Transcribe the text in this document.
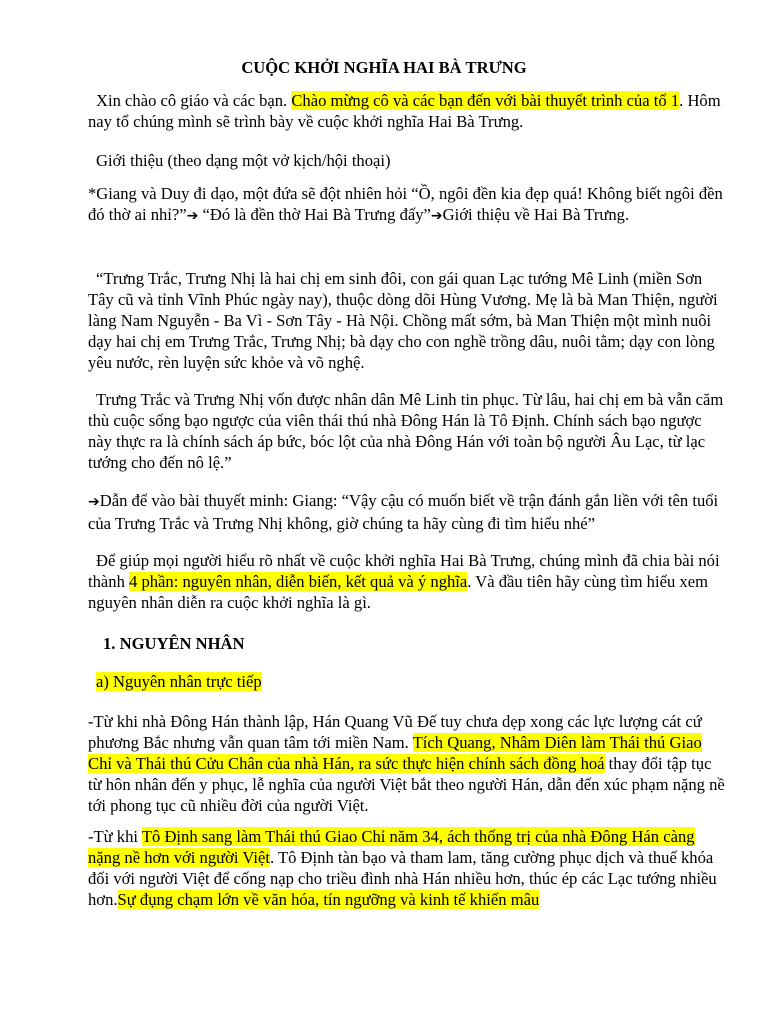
CUỘC KHỞI NGHĨA HAI BÀ TRƯNG

Xin chào cô giáo và các bạn. Chào mừng cô và các bạn đến với bài thuyết trình của tổ 1. Hôm nay tổ chúng mình sẽ trình bày về cuộc khởi nghĩa Hai Bà Trưng.

Giới thiệu (theo dạng một vở kịch/hội thoại)

*Giang và Duy đi dạo, một đứa sẽ đột nhiên hỏi “Ồ, ngôi đền kia đẹp quá! Không biết ngôi đền đó thờ ai nhỉ?”➔ “Đó là đền thờ Hai Bà Trưng đấy”➔Giới thiệu về Hai Bà Trưng.

“Trưng Trắc, Trưng Nhị là hai chị em sinh đôi, con gái quan Lạc tướng Mê Linh (miền Sơn Tây cũ và tỉnh Vĩnh Phúc ngày nay), thuộc dòng dõi Hùng Vương. Mẹ là bà Man Thiện, người làng Nam Nguyễn - Ba Vì - Sơn Tây - Hà Nội. Chồng mất sớm, bà Man Thiện một mình nuôi dạy hai chị em Trưng Trắc, Trưng Nhị; bà dạy cho con nghề trồng dâu, nuôi tằm; dạy con lòng yêu nước, rèn luyện sức khỏe và võ nghệ.

Trưng Trắc và Trưng Nhị vốn được nhân dân Mê Linh tin phục. Từ lâu, hai chị em bà vẫn căm thù cuộc sống bạo ngược của viên thái thú nhà Đông Hán là Tô Định. Chính sách bạo ngược này thực ra là chính sách áp bức, bóc lột của nhà Đông Hán với toàn bộ người Âu Lạc, từ lạc tướng cho đến nô lệ.”

➔Dẫn để vào bài thuyết minh: Giang: “Vậy cậu có muốn biết về trận đánh gắn liền với tên tuổi của Trưng Trắc và Trưng Nhị không, giờ chúng ta hãy cùng đi tìm hiểu nhé”

Để giúp mọi người hiểu rõ nhất về cuộc khởi nghĩa Hai Bà Trưng, chúng mình đã chia bài nói thành 4 phần: nguyên nhân, diễn biến, kết quả và ý nghĩa. Và đầu tiên hãy cùng tìm hiểu xem nguyên nhân diễn ra cuộc khởi nghĩa là gì.

1. NGUYÊN NHÂN

a) Nguyên nhân trực tiếp

-Từ khi nhà Đông Hán thành lập, Hán Quang Vũ Đế tuy chưa dẹp xong các lực lượng cát cứ phương Bắc nhưng vẫn quan tâm tới miền Nam. Tích Quang, Nhâm Diên làm Thái thú Giao Chỉ và Thái thú Cửu Chân của nhà Hán, ra sức thực hiện chính sách đồng hoá thay đổi tập tục từ hôn nhân đến y phục, lễ nghĩa của người Việt bắt theo người Hán, dẫn đến xúc phạm nặng nề tới phong tục cũ nhiều đời của người Việt.

-Từ khi Tô Định sang làm Thái thú Giao Chỉ năm 34, ách thống trị của nhà Đông Hán càng nặng nề hơn với người Việt. Tô Định tàn bạo và tham lam, tăng cường phục dịch và thuế khóa đối với người Việt để cống nạp cho triều đình nhà Hán nhiều hơn, thúc ép các Lạc tướng nhiều hơn.Sự đụng chạm lớn về văn hóa, tín ngưỡng và kinh tế khiến mâu
